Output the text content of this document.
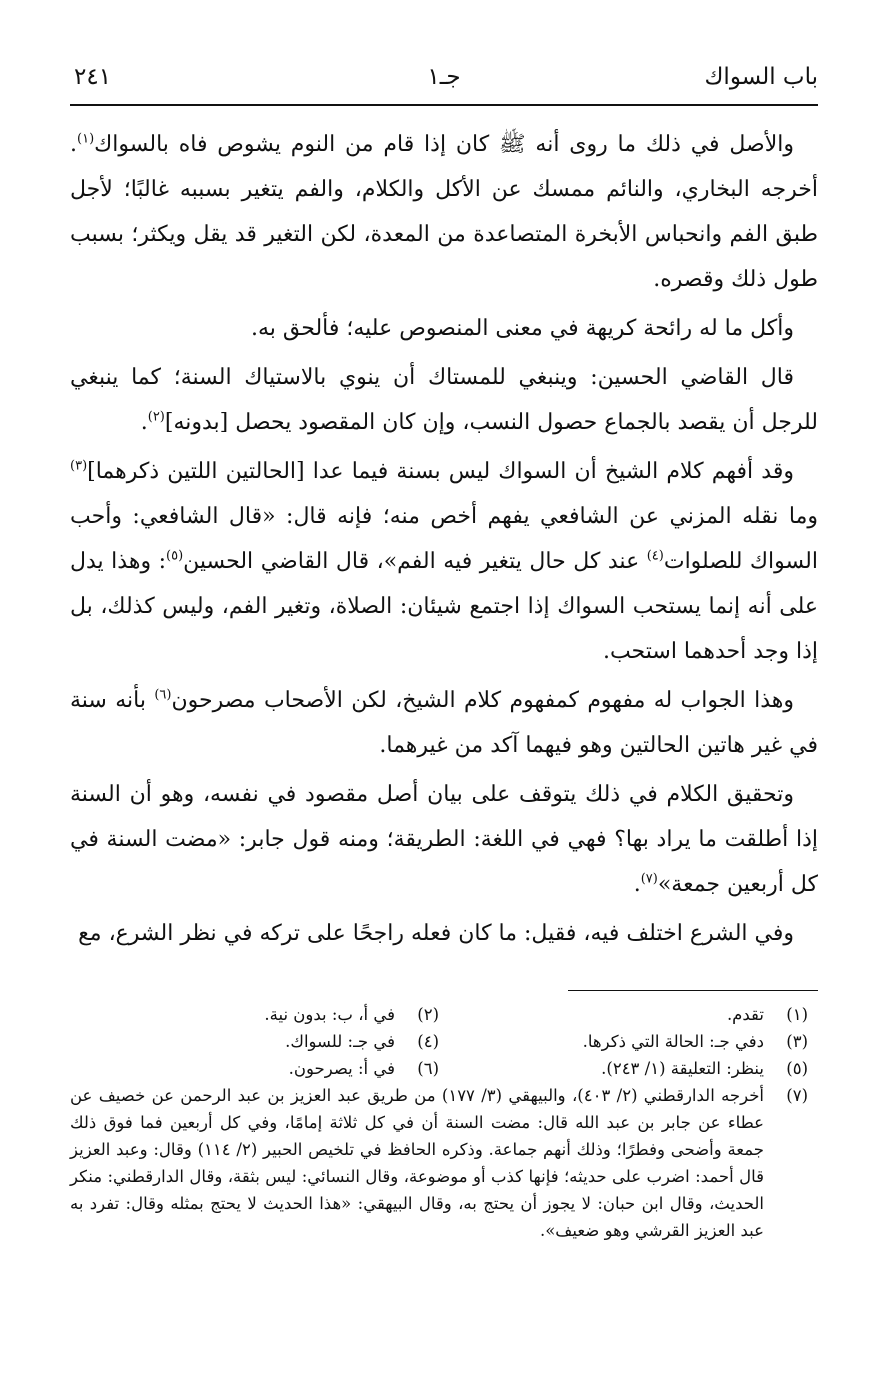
باب السواك
جـ١
٢٤١

والأصل في ذلك ما روى أنه ﷺ كان إذا قام من النوم يشوص فاه بالسواك$^{(١)}$. أخرجه البخاري، والنائم ممسك عن الأكل والكلام، والفم يتغير بسببه غالبًا؛ لأجل طبق الفم وانحباس الأبخرة المتصاعدة من المعدة، لكن التغير قد يقل ويكثر؛ بسبب طول ذلك وقصره.

وأكل ما له رائحة كريهة في معنى المنصوص عليه؛ فألحق به.

قال القاضي الحسين: وينبغي للمستاك أن ينوي بالاستياك السنة؛ كما ينبغي للرجل أن يقصد بالجماع حصول النسب، وإن كان المقصود يحصل [بدونه]$^{(٢)}$.

وقد أفهم كلام الشيخ أن السواك ليس بسنة فيما عدا [الحالتين اللتين ذكرهما]$^{(٣)}$ وما نقله المزني عن الشافعي يفهم أخص منه؛ فإنه قال: «قال الشافعي: وأحب السواك للصلوات$^{(٤)}$ عند كل حال يتغير فيه الفم»، قال القاضي الحسين$^{(٥)}$: وهذا يدل على أنه إنما يستحب السواك إذا اجتمع شيئان: الصلاة، وتغير الفم، وليس كذلك، بل إذا وجد أحدهما استحب.

وهذا الجواب له مفهوم كمفهوم كلام الشيخ، لكن الأصحاب مصرحون$^{(٦)}$ بأنه سنة في غير هاتين الحالتين وهو فيهما آكد من غيرهما.

وتحقيق الكلام في ذلك يتوقف على بيان أصل مقصود في نفسه، وهو أن السنة إذا أطلقت ما يراد بها؟ فهي في اللغة: الطريقة؛ ومنه قول جابر: «مضت السنة في كل أربعين جمعة»$^{(٧)}$.

وفي الشرع اختلف فيه، فقيل: ما كان فعله راجحًا على تركه في نظر الشرع، مع

(١)
تقدم.
(٢)
في أ، ب: بدون نية.
(٣)
دفي جـ: الحالة التي ذكرها.
(٤)
في جـ: للسواك.
(٥)
ينظر: التعليقة (١/ ٢٤٣).
(٦)
في أ: يصرحون.
(٧)
أخرجه الدارقطني (٢/ ٤٠٣)، والبيهقي (٣/ ١٧٧) من طريق عبد العزيز بن عبد الرحمن عن خصيف عن عطاء عن جابر بن عبد الله قال: مضت السنة أن في كل ثلاثة إمامًا، وفي كل أربعين فما فوق ذلك جمعة وأضحى وفطرًا؛ وذلك أنهم جماعة. وذكره الحافظ في تلخيص الحبير (٢/ ١١٤) وقال: وعبد العزيز قال أحمد: اضرب على حديثه؛ فإنها كذب أو موضوعة، وقال النسائي: ليس بثقة، وقال الدارقطني: منكر الحديث، وقال ابن حبان: لا يجوز أن يحتج به، وقال البيهقي: «هذا الحديث لا يحتج بمثله وقال: تفرد به عبد العزيز القرشي وهو ضعيف».
